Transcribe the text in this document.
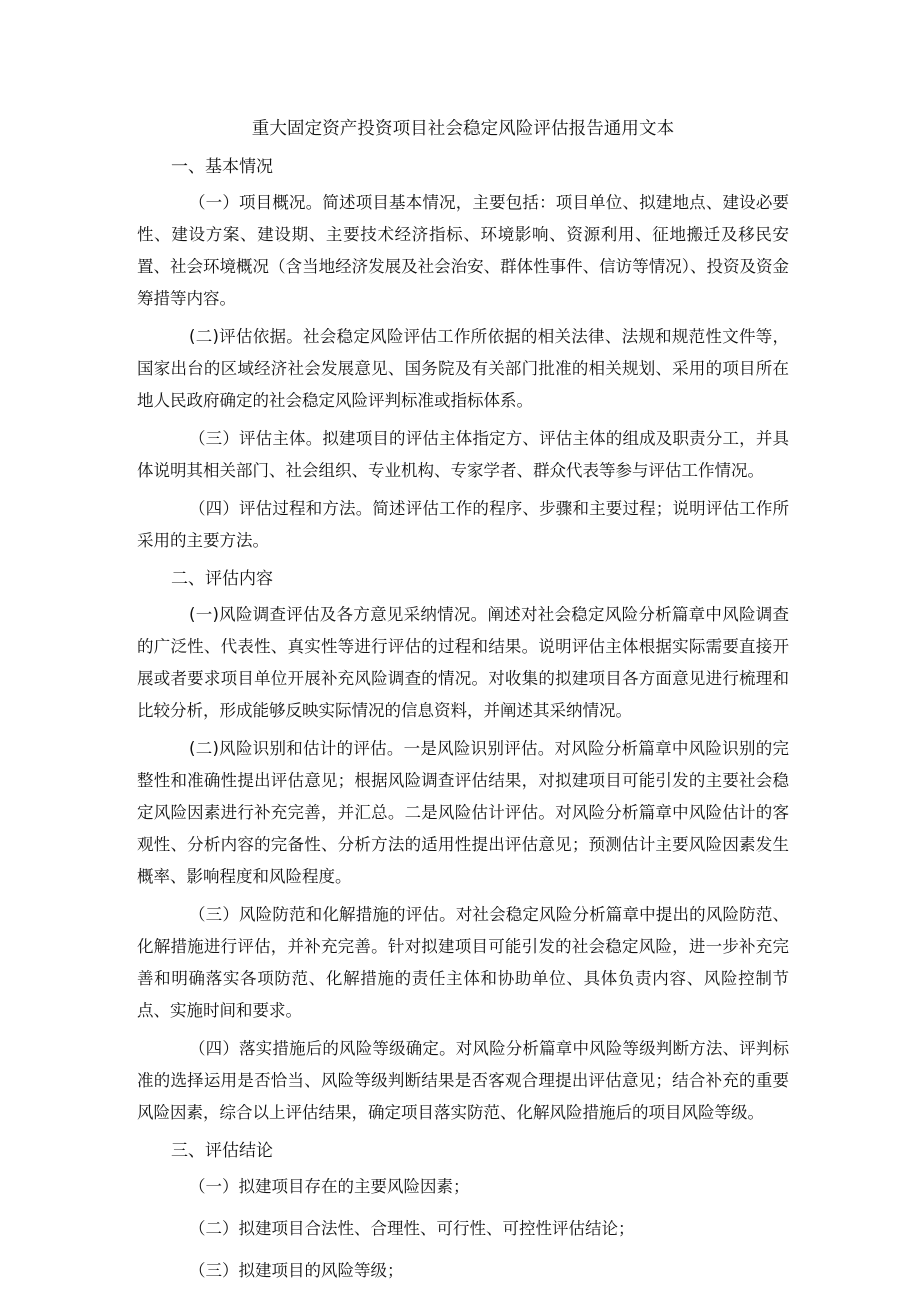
重大固定资产投资项目社会稳定风险评估报告通用文本

一、基本情况

（一）项目概况。简述项目基本情况，主要包括：项目单位、拟建地点、建设必要性、建设方案、建设期、主要技术经济指标、环境影响、资源利用、征地搬迁及移民安置、社会环境概况（含当地经济发展及社会治安、群体性事件、信访等情况）、投资及资金筹措等内容。

(二)评估依据。社会稳定风险评估工作所依据的相关法律、法规和规范性文件等，国家出台的区域经济社会发展意见、国务院及有关部门批准的相关规划、采用的项目所在地人民政府确定的社会稳定风险评判标准或指标体系。

（三）评估主体。拟建项目的评估主体指定方、评估主体的组成及职责分工，并具体说明其相关部门、社会组织、专业机构、专家学者、群众代表等参与评估工作情况。

（四）评估过程和方法。简述评估工作的程序、步骤和主要过程；说明评估工作所采用的主要方法。

二、评估内容

(一)风险调查评估及各方意见采纳情况。阐述对社会稳定风险分析篇章中风险调查的广泛性、代表性、真实性等进行评估的过程和结果。说明评估主体根据实际需要直接开展或者要求项目单位开展补充风险调查的情况。对收集的拟建项目各方面意见进行梳理和比较分析，形成能够反映实际情况的信息资料，并阐述其采纳情况。

(二)风险识别和估计的评估。一是风险识别评估。对风险分析篇章中风险识别的完整性和准确性提出评估意见；根据风险调查评估结果，对拟建项目可能引发的主要社会稳定风险因素进行补充完善，并汇总。二是风险估计评估。对风险分析篇章中风险估计的客观性、分析内容的完备性、分析方法的适用性提出评估意见；预测估计主要风险因素发生概率、影响程度和风险程度。

（三）风险防范和化解措施的评估。对社会稳定风险分析篇章中提出的风险防范、化解措施进行评估，并补充完善。针对拟建项目可能引发的社会稳定风险，进一步补充完善和明确落实各项防范、化解措施的责任主体和协助单位、具体负责内容、风险控制节点、实施时间和要求。

（四）落实措施后的风险等级确定。对风险分析篇章中风险等级判断方法、评判标准的选择运用是否恰当、风险等级判断结果是否客观合理提出评估意见；结合补充的重要风险因素，综合以上评估结果，确定项目落实防范、化解风险措施后的项目风险等级。

三、评估结论

（一）拟建项目存在的主要风险因素；

（二）拟建项目合法性、合理性、可行性、可控性评估结论；

（三）拟建项目的风险等级；
